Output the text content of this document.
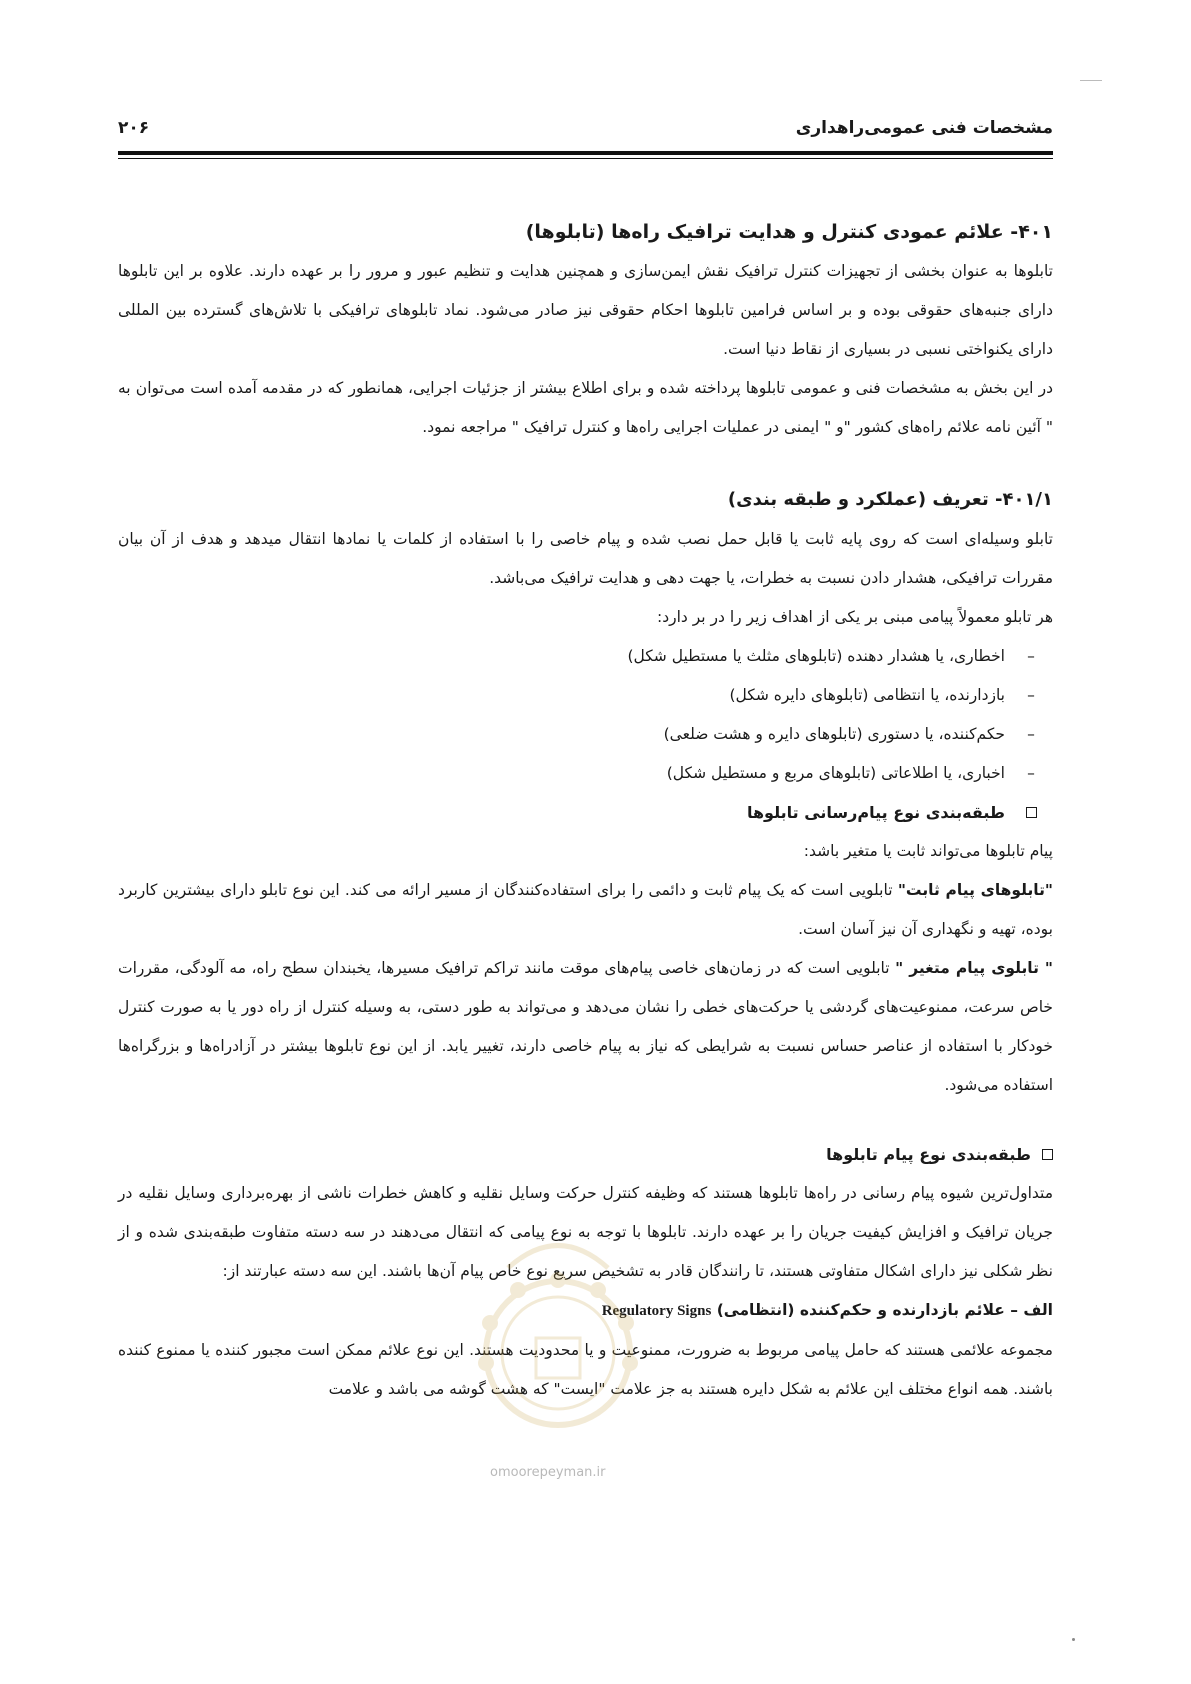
مشخصات فنی عمومی‌راهداری
۲۰۶
۴۰۱- علائم عمودی کنترل و هدایت ترافیک راه‌ها (تابلوها)

تابلوها به عنوان بخشی از تجهیزات کنترل ترافیک نقش ایمن‌سازی و همچنین هدایت و تنظیم عبور و مرور را بر عهده دارند. علاوه بر این تابلوها دارای جنبه‌های حقوقی بوده و بر اساس فرامین تابلوها احکام حقوقی نیز صادر می‌شود. نماد تابلوهای ترافیکی با تلاش‌های گسترده بین المللی دارای یکنواختی نسبی در بسیاری از نقاط دنیا است.

در این بخش به مشخصات فنی و عمومی تابلوها پرداخته شده و برای اطلاع بیشتر از جزئیات اجرایی، همانطور که در مقدمه آمده است می‌توان به " آئین نامه علائم راه‌های کشور "و " ایمنی در عملیات اجرایی راه‌ها و کنترل ترافیک " مراجعه نمود.

۴۰۱/۱- تعریف (عملکرد و طبقه بندی)

تابلو وسیله‌ای است که روی پایه ثابت یا قابل حمل نصب شده و پیام خاصی را با استفاده از کلمات یا نمادها انتقال میدهد و هدف از آن بیان مقررات ترافیکی، هشدار دادن نسبت به خطرات، یا جهت دهی و هدایت ترافیک می‌باشد.

هر تابلو معمولاً پیامی مبنی بر یکی از اهداف زیر را در بر دارد:

–
اخطاری، یا هشدار دهنده (تابلوهای مثلث یا مستطیل شکل)
–
بازدارنده، یا انتظامی (تابلوهای دایره شکل)
–
حکم‌کننده، یا دستوری (تابلوهای دایره و هشت ضلعی)
–
اخباری، یا اطلاعاتی (تابلوهای مربع و مستطیل شکل)
طبقه‌بندی نوع پیام‌رسانی تابلوها

پیام تابلوها می‌تواند ثابت یا متغیر باشد:

"تابلوهای پیام ثابت" تابلویی است که یک پیام ثابت و دائمی را برای استفاده‌کنندگان از مسیر ارائه می کند. این نوع تابلو دارای بیشترین کاربرد بوده، تهیه و نگهداری آن نیز آسان است.

" تابلوی پیام متغیر " تابلویی است که در زمان‌های خاصی پیام‌های موقت مانند تراکم ترافیک مسیرها، یخبندان سطح راه، مه آلودگی، مقررات خاص سرعت، ممنوعیت‌های گردشی یا حرکت‌های خطی را نشان می‌دهد و می‌تواند به طور دستی، به وسیله کنترل از راه دور یا به صورت کنترل خودکار با استفاده از عناصر حساس نسبت به شرایطی که نیاز به پیام خاصی دارند، تغییر یابد. از این نوع تابلوها بیشتر در آزادراه‌ها و بزرگراه‌ها استفاده می‌شود.

طبقه‌بندی نوع پیام تابلوها

متداول‌ترین شیوه پیام رسانی در راه‌ها تابلوها هستند که وظیفه کنترل حرکت وسایل نقلیه و کاهش خطرات ناشی از بهره‌برداری وسایل نقلیه در جریان ترافیک و افزایش کیفیت جریان را بر عهده دارند. تابلوها با توجه به نوع پیامی که انتقال می‌دهند در سه دسته متفاوت طبقه‌بندی شده و از نظر شکلی نیز دارای اشکال متفاوتی هستند، تا رانندگان قادر به تشخیص سریع نوع خاص پیام آن‌ها باشند. این سه دسته عبارتند از:

الف – علائم بازدارنده و حکم‌کننده (انتظامی) Regulatory Signs

مجموعه علائمی هستند که حامل پیامی مربوط به ضرورت، ممنوعیت و یا محدودیت هستند. این نوع علائم ممکن است مجبور کننده یا ممنوع کننده باشند. همه انواع مختلف این علائم به شکل دایره هستند به جز علامت "ایست" که هشت گوشه می باشد و علامت

omoorepeyman.ir
